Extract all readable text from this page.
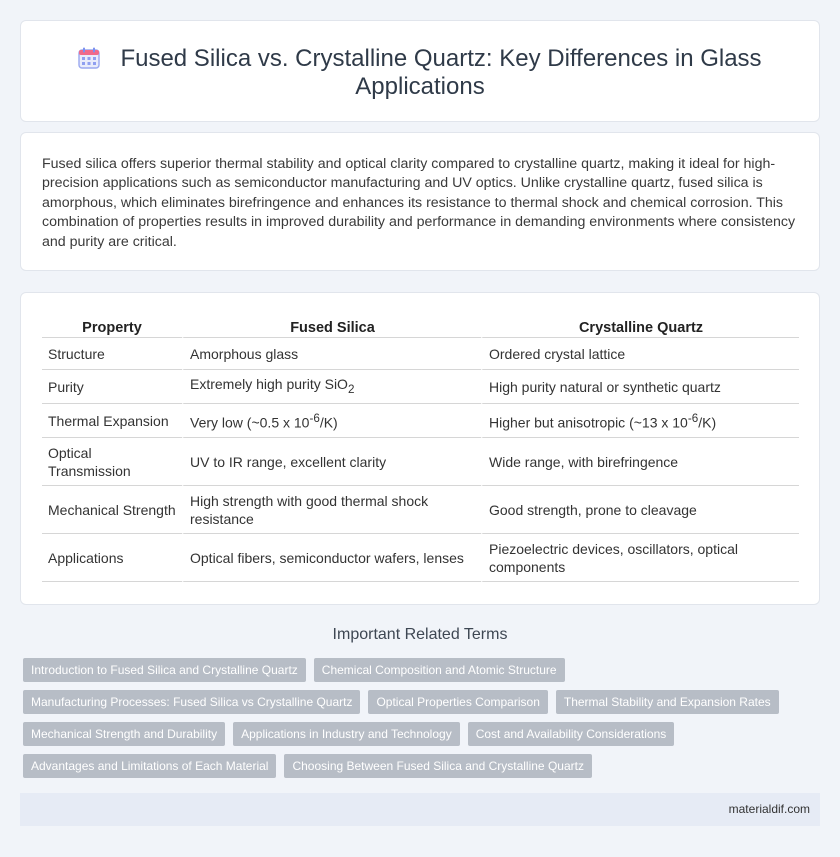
Fused Silica vs. Crystalline Quartz: Key Differences in Glass Applications

Fused silica offers superior thermal stability and optical clarity compared to crystalline quartz, making it ideal for high-precision applications such as semiconductor manufacturing and UV optics. Unlike crystalline quartz, fused silica is amorphous, which eliminates birefringence and enhances its resistance to thermal shock and chemical corrosion. This combination of properties results in improved durability and performance in demanding environments where consistency and purity are critical.

Property	Fused Silica	Crystalline Quartz
Structure	Amorphous glass	Ordered crystal lattice
Purity	Extremely high purity SiO$_2$	High purity natural or synthetic quartz
Thermal Expansion	Very low (~0.5 x $10^{-6}/K$)	Higher but anisotropic (~13 x $10^{-6}/K$)
Optical Transmission	UV to IR range, excellent clarity	Wide range, with birefringence
Mechanical Strength	High strength with good thermal shock resistance	Good strength, prone to cleavage
Applications	Optical fibers, semiconductor wafers, lenses	Piezoelectric devices, oscillators, optical components
Important Related Terms
Introduction to Fused Silica and Crystalline Quartz	Chemical Composition and Atomic Structure
Manufacturing Processes: Fused Silica vs Crystalline Quartz	Optical Properties Comparison	Thermal Stability and Expansion Rates
Mechanical Strength and Durability	Applications in Industry and Technology	Cost and Availability Considerations
Advantages and Limitations of Each Material	Choosing Between Fused Silica and Crystalline Quartz
materialdif.com
